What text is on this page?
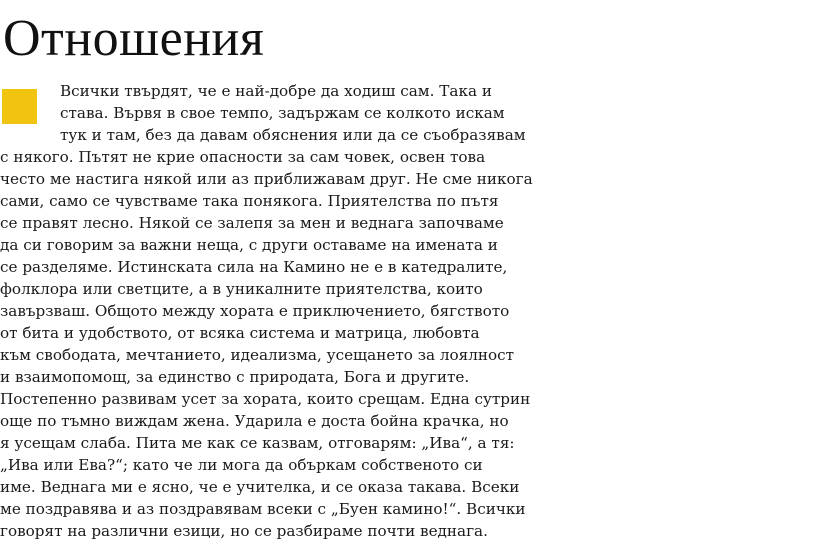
Отношения
Всички твърдят, че е най-добре да ходиш сам. Така и
става. Вървя в свое темпо, задържам се колкото искам
тук и там, без да давам обяснения или да се съобразявам
с някого. Пътят не крие опасности за сам човек, освен това
често ме настига някой или аз приближавам друг. Не сме никога
сами, само се чувстваме така понякога. Приятелства по пътя
се правят лесно. Някой се залепя за мен и веднага започваме
да си говорим за важни неща, с други оставаме на имената и
се разделяме. Истинската сила на Камино не е в катедралите,
фолклора или светците, а в уникалните приятелства, които
завързваш. Общото между хората е приключението, бягството
от бита и удобството, от всяка система и матрица, любовта
към свободата, мечтанието, идеализма, усещането за лоялност
и взаимопомощ, за единство с природата, Бога и другите.
Постепенно развивам усет за хората, които срещам. Една сутрин
още по тъмно виждам жена. Ударила е доста бойна крачка, но
я усещам слаба. Пита ме как се казвам, отговарям: „Ива“, а тя:
„Ива или Ева?“; като че ли мога да объркам собственото си
име. Веднага ми е ясно, че е учителка, и се оказа такава. Всеки
ме поздравява и аз поздравявам всеки с „Буен камино!“. Всички
говорят на различни езици, но се разбираме почти веднага.
